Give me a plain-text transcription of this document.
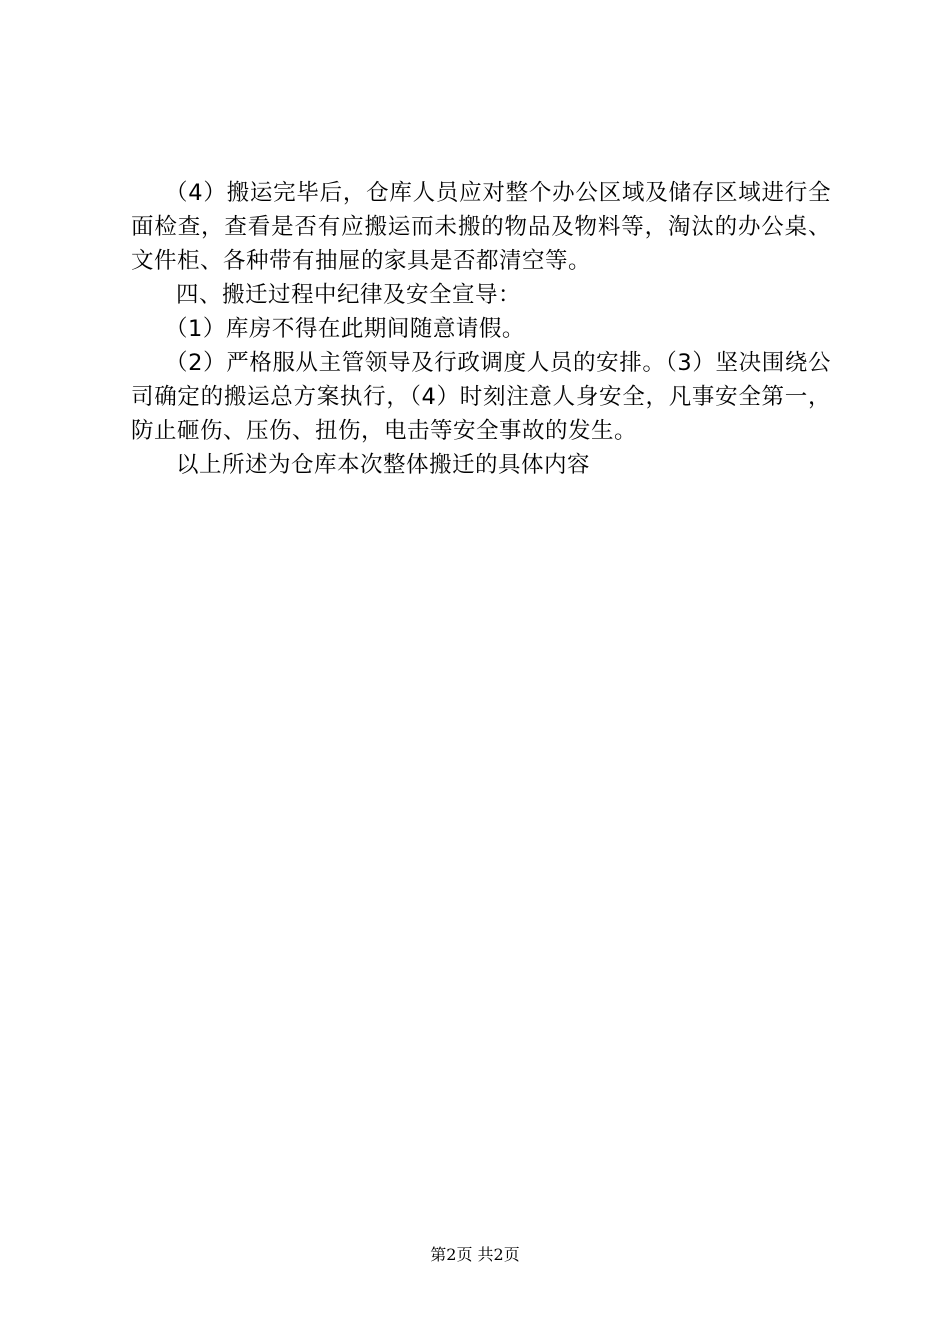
（4）搬运完毕后，仓库人员应对整个办公区域及储存区域进行全面检查，查看是否有应搬运而未搬的物品及物料等，淘汰的办公桌、文件柜、各种带有抽屉的家具是否都清空等。

四、搬迁过程中纪律及安全宣导：

（1）库房不得在此期间随意请假。

（2）严格服从主管领导及行政调度人员的安排。（3）坚决围绕公司确定的搬运总方案执行，（4）时刻注意人身安全，凡事安全第一，防止砸伤、压伤、扭伤，电击等安全事故的发生。

以上所述为仓库本次整体搬迁的具体内容

第2页 共2页
